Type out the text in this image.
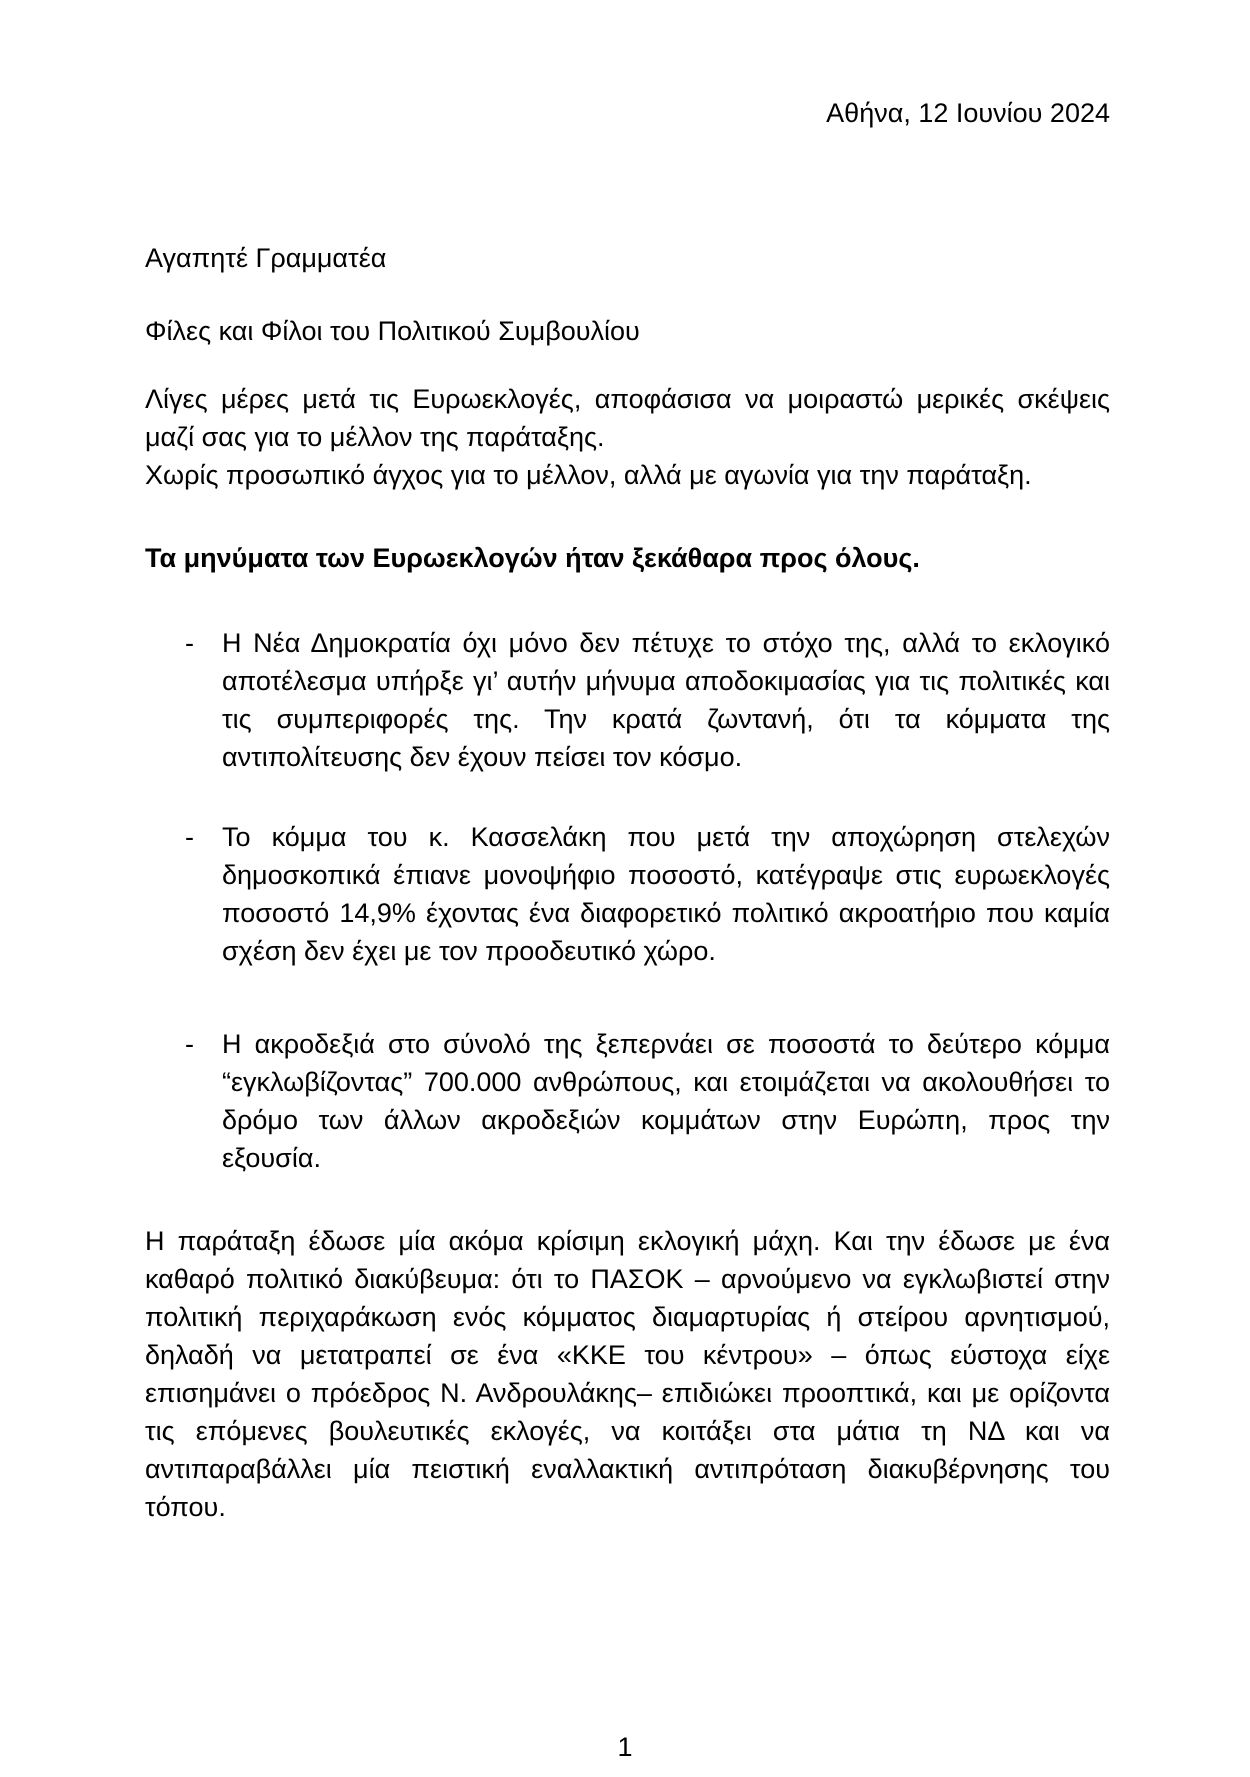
Αθήνα, 12 Ιουνίου 2024
Αγαπητέ Γραμματέα
Φίλες και Φίλοι του Πολιτικού Συμβουλίου
Λίγες μέρες μετά τις Ευρωεκλογές, αποφάσισα να μοιραστώ μερικές σκέψεις μαζί σας για το μέλλον της παράταξης.
Χωρίς προσωπικό άγχος για το μέλλον, αλλά με αγωνία για την παράταξη.
Τα μηνύματα των Ευρωεκλογών ήταν ξεκάθαρα προς όλους.
- Η Νέα Δημοκρατία όχι μόνο δεν πέτυχε το στόχο της, αλλά το εκλογικό αποτέλεσμα υπήρξε γι’ αυτήν μήνυμα αποδοκιμασίας για τις πολιτικές και τις συμπεριφορές της. Την κρατά ζωντανή, ότι τα κόμματα της αντιπολίτευσης δεν έχουν πείσει τον κόσμο.
- Το κόμμα του κ. Κασσελάκη που μετά την αποχώρηση στελεχών δημοσκοπικά έπιανε μονοψήφιο ποσοστό, κατέγραψε στις ευρωεκλογές ποσοστό 14,9% έχοντας ένα διαφορετικό πολιτικό ακροατήριο που καμία σχέση δεν έχει με τον προοδευτικό χώρο.
- Η ακροδεξιά στο σύνολό της ξεπερνάει σε ποσοστά το δεύτερο κόμμα “εγκλωβίζοντας” 700.000 ανθρώπους, και ετοιμάζεται να ακολουθήσει το δρόμο των άλλων ακροδεξιών κομμάτων στην Ευρώπη, προς την εξουσία.
Η παράταξη έδωσε μία ακόμα κρίσιμη εκλογική μάχη. Και την έδωσε με ένα καθαρό πολιτικό διακύβευμα: ότι το ΠΑΣΟΚ – αρνούμενο να εγκλωβιστεί στην πολιτική περιχαράκωση ενός κόμματος διαμαρτυρίας ή στείρου αρνητισμού, δηλαδή να μετατραπεί σε ένα «ΚΚΕ του κέντρου» – όπως εύστοχα είχε επισημάνει ο πρόεδρος Ν. Ανδρουλάκης– επιδιώκει προοπτικά, και με ορίζοντα τις επόμενες βουλευτικές εκλογές, να κοιτάξει στα μάτια τη ΝΔ και να αντιπαραβάλλει μία πειστική εναλλακτική αντιπρόταση διακυβέρνησης του τόπου.
1
